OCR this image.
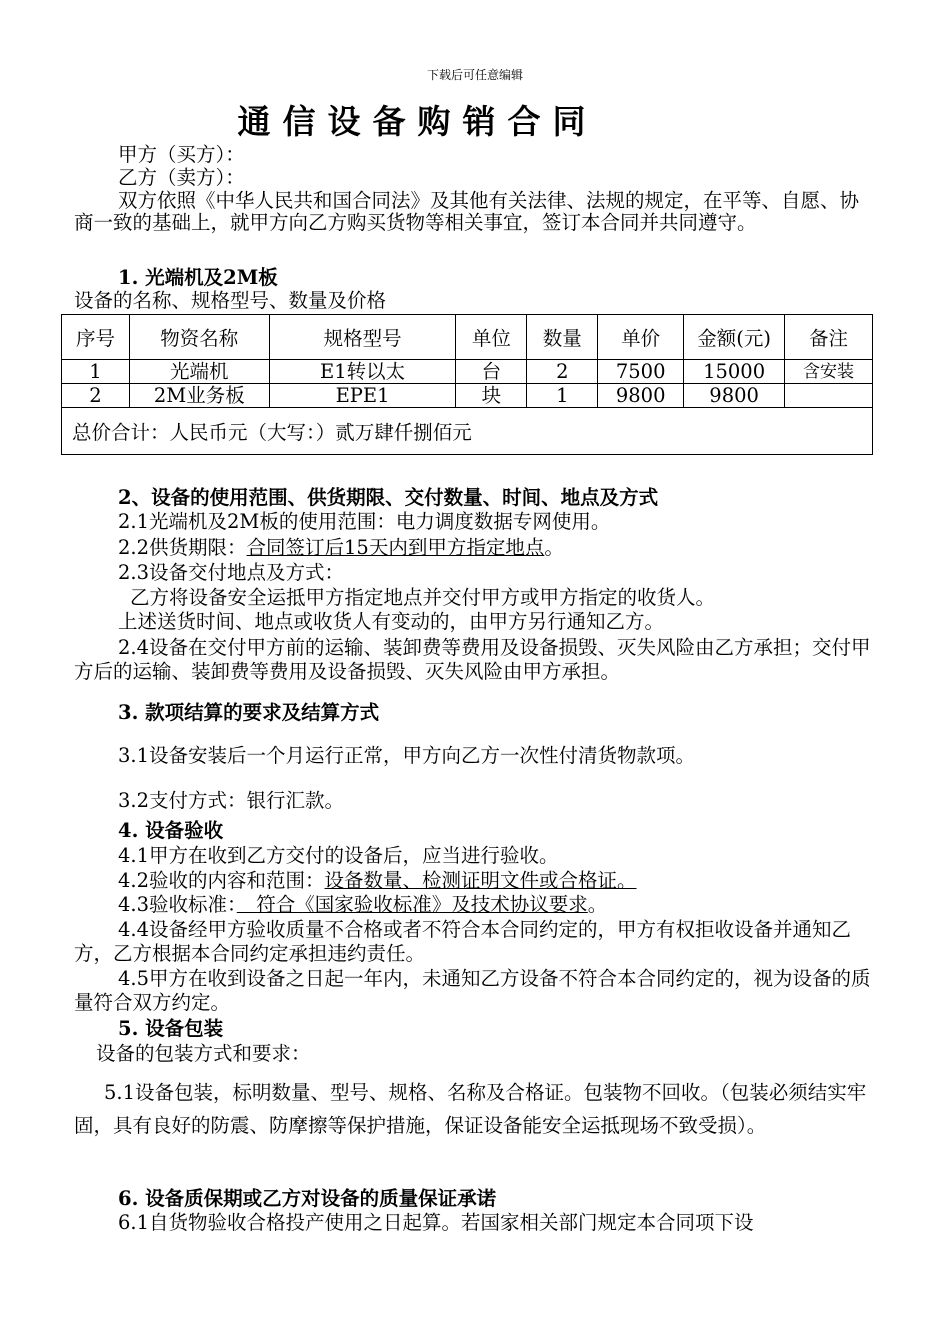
下载后可任意编辑
通信设备购销合同
甲方（买方）：
乙方（卖方）：
双方依照《中华人民共和国合同法》及其他有关法律、法规的规定，在平等、自愿、协商一致的基础上，就甲方向乙方购买货物等相关事宜，签订本合同并共同遵守。
1. 光端机及2M板
设备的名称、规格型号、数量及价格
序号	物资名称	规格型号	单位	数量	单价	金额(元)	备注
1	光端机	E1转以太	台	2	7500	15000	含安装
2	2M业务板	EPE1	块	1	9800	9800	
总价合计：人民币元（大写：）贰万肆仟捌佰元							
2、设备的使用范围、供货期限、交付数量、时间、地点及方式
2.1光端机及2M板的使用范围：电力调度数据专网使用。
2.2供货期限：合同签订后15天内到甲方指定地点。
2.3设备交付地点及方式：
乙方将设备安全运抵甲方指定地点并交付甲方或甲方指定的收货人。
上述送货时间、地点或收货人有变动的，由甲方另行通知乙方。
2.4设备在交付甲方前的运输、装卸费等费用及设备损毁、灭失风险由乙方承担；交付甲方后的运输、装卸费等费用及设备损毁、灭失风险由甲方承担。
3. 款项结算的要求及结算方式
3.1设备安装后一个月运行正常，甲方向乙方一次性付清货物款项。
3.2支付方式：银行汇款。
4. 设备验收
4.1甲方在收到乙方交付的设备后，应当进行验收。
4.2验收的内容和范围：设备数量、检测证明文件或合格证。
4.3验收标准：　符合《国家验收标准》及技术协议要求。
4.4设备经甲方验收质量不合格或者不符合本合同约定的，甲方有权拒收设备并通知乙方，乙方根据本合同约定承担违约责任。
4.5甲方在收到设备之日起一年内，未通知乙方设备不符合本合同约定的，视为设备的质量符合双方约定。
5. 设备包装
设备的包装方式和要求：
5.1设备包装，标明数量、型号、规格、名称及合格证。包装物不回收。（包装必须结实牢固，具有良好的防震、防摩擦等保护措施，保证设备能安全运抵现场不致受损）。
6. 设备质保期或乙方对设备的质量保证承诺
6.1自货物验收合格投产使用之日起算。若国家相关部门规定本合同项下设
